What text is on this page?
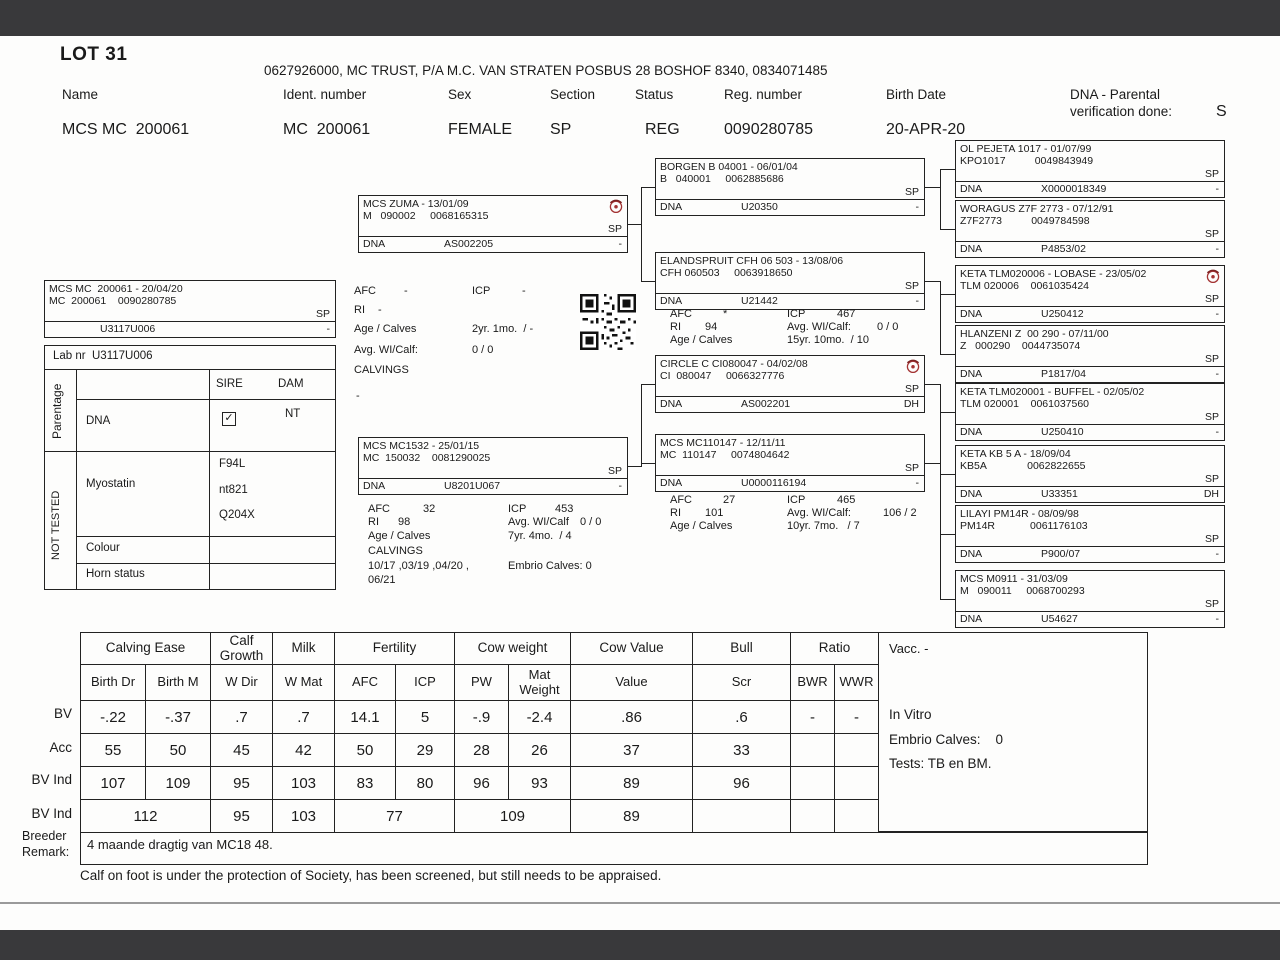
LOT 31
0627926000, MC TRUST, P/A M.C. VAN STRATEN POSBUS 28 BOSHOF 8340, 0834071485
Name
MCS MC  200061
Ident. number
MC  200061
Sex
FEMALE
Section
SP
Status
REG
Reg. number
0090280785
Birth Date
20-APR-20
DNA - Parental
verification done:	S
MCS MC  200061 - 20/04/20
MC  200061    0090280785
SP
U3117U006	-
MCS ZUMA - 13/01/09
M   090002     0068165315
SP
DNA	AS002205	-
MCS MC1532 - 25/01/15
MC  150032    0081290025
SP
DNA	U8201U067	-
BORGEN B 04001 - 06/01/04
B   040001     0062885686
SP
DNA	U20350	-
ELANDSPRUIT CFH 06 503 - 13/08/06
CFH 060503     0063918650
SP
DNA	U21442	-
CIRCLE C CI080047 - 04/02/08
CI  080047     0066327776
SP
DNA	AS002201	DH
MCS MC110147 - 12/11/11
MC  110147     0074804642
SP
DNA	U0000116194	-
OL PEJETA 1017 - 01/07/99
KPO1017          0049843949
SP
DNA	X0000018349	-
WORAGUS Z7F 2773 - 07/12/91
Z7F2773          0049784598
SP
DNA	P4853/02	-
KETA TLM020006 - LOBASE - 23/05/02
TLM 020006    0061035424
SP
DNA	U250412	-
HLANZENI Z  00 290 - 07/11/00
Z   000290    0044735074
SP
DNA	P1817/04	-
KETA TLM020001 - BUFFEL - 02/05/02
TLM 020001    0061037560
SP
DNA	U250410	-
KETA KB 5 A - 18/09/04
KB5A              0062822655
SP
DNA	U33351	DH
LILAYI PM14R - 08/09/98
PM14R            0061176103
SP
DNA	P900/07	-
MCS M0911 - 31/03/09
M   090011     0068700293
SP
DNA	U54627	-
AFC	-	ICP	-
RI -
Age / Calves	2yr. 1mo.  / -
Avg. WI/Calf:	0 / 0
CALVINGS
-
AFC	32	ICP	453
RI 98	Avg. WI/Calf 0 / 0
Age / Calves	7yr. 4mo.  / 4
CALVINGS
10/17 ,03/19 ,04/20 ,	Embrio Calves: 0
06/21
AFC	*	ICP	467
RI 94	Avg. WI/Calf: 0 / 0
Age / Calves	15yr. 10mo.  / 10
AFC	27	ICP	465
RI 101	Avg. WI/Calf:	106 / 2
Age / Calves	10yr. 7mo.   / 7
Lab nr  U3117U006
SIRE	DAM
DNA	✓	NT
Myostatin
F94L
nt821
Q204X
Colour
Horn status
Parentage
NOT TESTED
Calving Ease		Calf Growth	Milk	Fertility		Cow weight		Cow Value	Bull	Ratio	
Birth Dr	Birth M	W Dir	W Mat	AFC	ICP	PW	Mat Weight	Value	Scr	BWR	WWR
-.22	-.37	.7	.7	14.1	5	-.9	-2.4	.86	.6	-	-
55	50	45	42	50	29	28	26	37	33		
107	109	95	103	83	80	96	93	89	96		
112		95	103	77		109		89			
BV
Acc
BV Ind
BV Ind
Vacc. -
In Vitro
Embrio Calves:    0
Tests: TB en BM.
Breeder
Remark: 4 maande dragtig van MC18 48.
Calf on foot is under the protection of Society, has been screened, but still needs to be appraised.
